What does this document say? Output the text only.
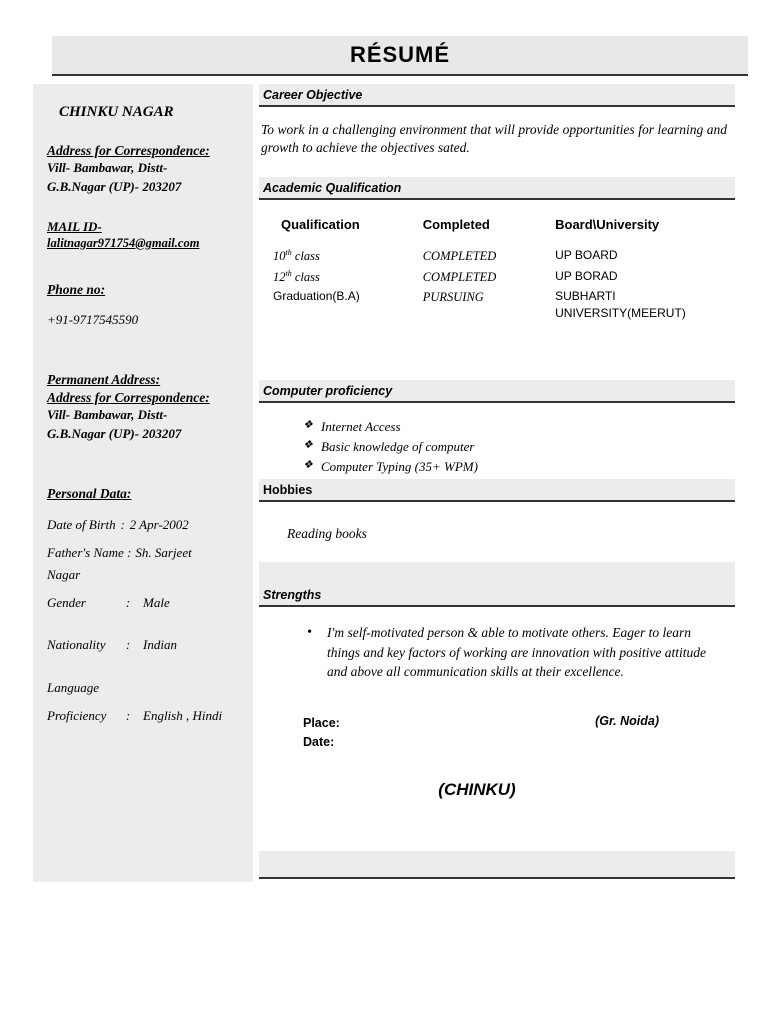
RÉSUMÉ
CHINKU NAGAR
Address for Correspondence:
Vill- Bambawar, Distt-
G.B.Nagar (UP)- 203207
MAIL ID-
lalitnagar971754@gmail.com
Phone no:
+91-9717545590
Permanent Address:
Address for Correspondence:
Vill- Bambawar, Distt-
G.B.Nagar (UP)- 203207
Personal Data:
Date of Birth : 2 Apr-2002
Father's Name : Sh. Sarjeet
Nagar
Gender	: Male
Nationality	: Indian
Language
Proficiency	: English , Hindi
Career Objective
To work in a challenging environment that will provide opportunities for learning and growth to achieve the objectives sated.
Academic Qualification
Qualification	Completed	Board\University
10th class	COMPLETED	UP BOARD
12th class	COMPLETED	UP BORAD
Graduation(B.A)	PURSUING	SUBHARTI
UNIVERSITY(MEERUT)
Computer proficiency
❖ Internet Access
❖ Basic knowledge of computer
❖ Computer Typing (35+ WPM)
Hobbies
Reading books
Strengths
• I'm self-motivated person & able to motivate others. Eager to learn things and key factors of working are innovation with positive attitude and above all communication skills at their excellence.
Place:
Date:
(Gr. Noida)
(CHINKU)
